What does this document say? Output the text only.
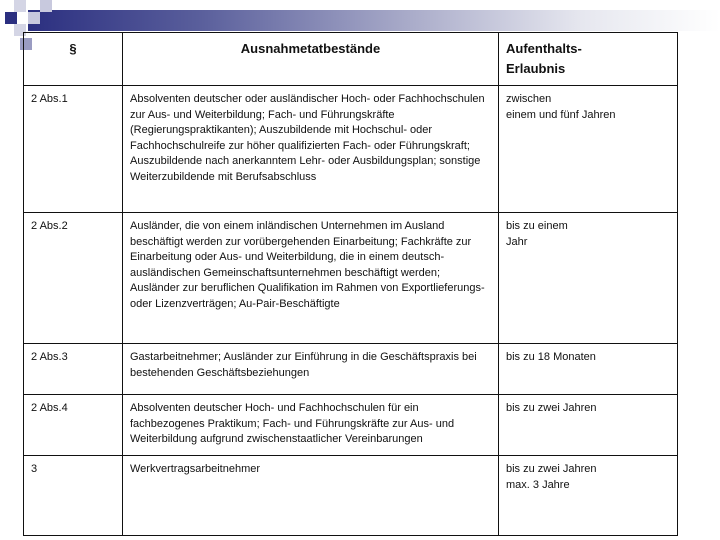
§	Ausnahmetatbestände	Aufenthalts-
Erlaubnis

2 Abs.1	Absolventen deutscher oder ausländischer Hoch- oder Fachhochschulen zur Aus- und Weiterbildung; Fach- und Führungskräfte (Regierungspraktikanten); Auszubildende mit Hochschul- oder Fachhochschulreife zur höher qualifizierten Fach- oder Führungskraft; Auszubildende nach anerkanntem Lehr- oder Ausbildungsplan; sonstige Weiterzubildende mit Berufsabschluss	zwischen
einem und fünf Jahren

2 Abs.2	Ausländer, die von einem inländischen Unternehmen im Ausland beschäftigt werden zur vorübergehenden Einarbeitung; Fachkräfte zur Einarbeitung oder Aus- und Weiterbildung, die in einem deutsch-ausländischen Gemeinschaftsunternehmen beschäftigt werden; Ausländer zur beruflichen Qualifikation im Rahmen von Exportlieferungs- oder Lizenzverträgen; Au-Pair-Beschäftigte	bis zu einem
Jahr

2 Abs.3	Gastarbeitnehmer; Ausländer zur Einführung in die Geschäftspraxis bei bestehenden Geschäftsbeziehungen	bis zu 18 Monaten

2 Abs.4	Absolventen deutscher Hoch- und Fachhochschulen für ein fachbezogenes Praktikum; Fach- und Führungskräfte zur Aus- und Weiterbildung aufgrund zwischenstaatlicher Vereinbarungen	bis zu zwei Jahren

3	Werkvertragsarbeitnehmer	bis zu zwei Jahren
max. 3 Jahre
